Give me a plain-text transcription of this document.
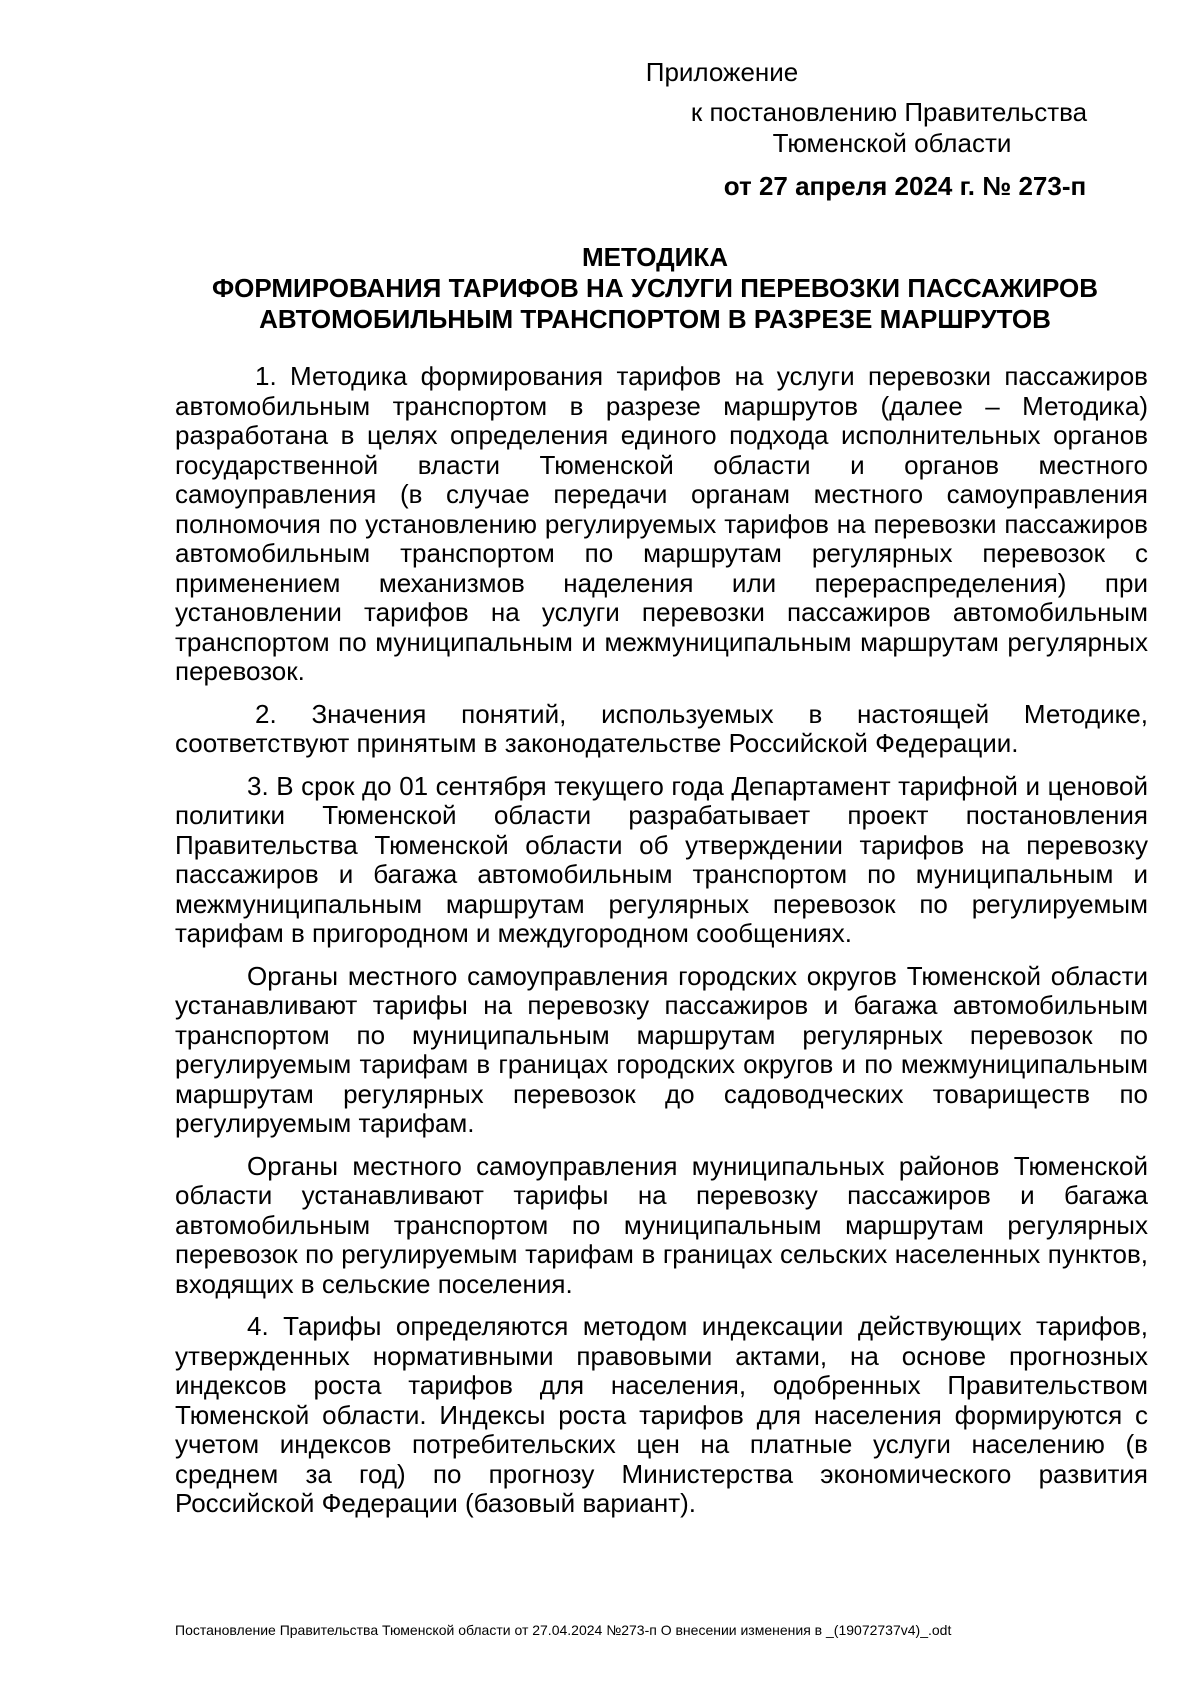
Приложение
к постановлению Правительства
Тюменской области
от 27 апреля 2024 г. № 273-п
МЕТОДИКА
ФОРМИРОВАНИЯ ТАРИФОВ НА УСЛУГИ ПЕРЕВОЗКИ ПАССАЖИРОВ
АВТОМОБИЛЬНЫМ ТРАНСПОРТОМ В РАЗРЕЗЕ МАРШРУТОВ

1. Методика формирования тарифов на услуги перевозки пассажиров автомобильным транспортом в разрезе маршрутов (далее – Методика) разработана в целях определения единого подхода исполнительных органов государственной власти Тюменской области и органов местного самоуправления (в случае передачи органам местного самоуправления полномочия по установлению регулируемых тарифов на перевозки пассажиров автомобильным транспортом по маршрутам регулярных перевозок с применением механизмов наделения или перераспределения) при установлении тарифов на услуги перевозки пассажиров автомобильным транспортом по муниципальным и межмуниципальным маршрутам регулярных перевозок.

2. Значения понятий, используемых в настоящей Методике, соответствуют принятым в законодательстве Российской Федерации.

3. В срок до 01 сентября текущего года Департамент тарифной и ценовой политики Тюменской области разрабатывает проект постановления Правительства Тюменской области об утверждении тарифов на перевозку пассажиров и багажа автомобильным транспортом по муниципальным и межмуниципальным маршрутам регулярных перевозок по регулируемым тарифам в пригородном и междугородном сообщениях.

Органы местного самоуправления городских округов Тюменской области устанавливают тарифы на перевозку пассажиров и багажа автомобильным транспортом по муниципальным маршрутам регулярных перевозок по регулируемым тарифам в границах городских округов и по межмуниципальным маршрутам регулярных перевозок до садоводческих товариществ по регулируемым тарифам.

Органы местного самоуправления муниципальных районов Тюменской области устанавливают тарифы на перевозку пассажиров и багажа автомобильным транспортом по муниципальным маршрутам регулярных перевозок по регулируемым тарифам в границах сельских населенных пунктов, входящих в сельские поселения.

4. Тарифы определяются методом индексации действующих тарифов, утвержденных нормативными правовыми актами, на основе прогнозных индексов роста тарифов для населения, одобренных Правительством Тюменской области. Индексы роста тарифов для населения формируются с учетом индексов потребительских цен на платные услуги населению (в среднем за год) по прогнозу Министерства экономического развития Российской Федерации (базовый вариант).

Постановление Правительства Тюменской области от 27.04.2024 №273-п О внесении изменения в _(19072737v4)_.odt
